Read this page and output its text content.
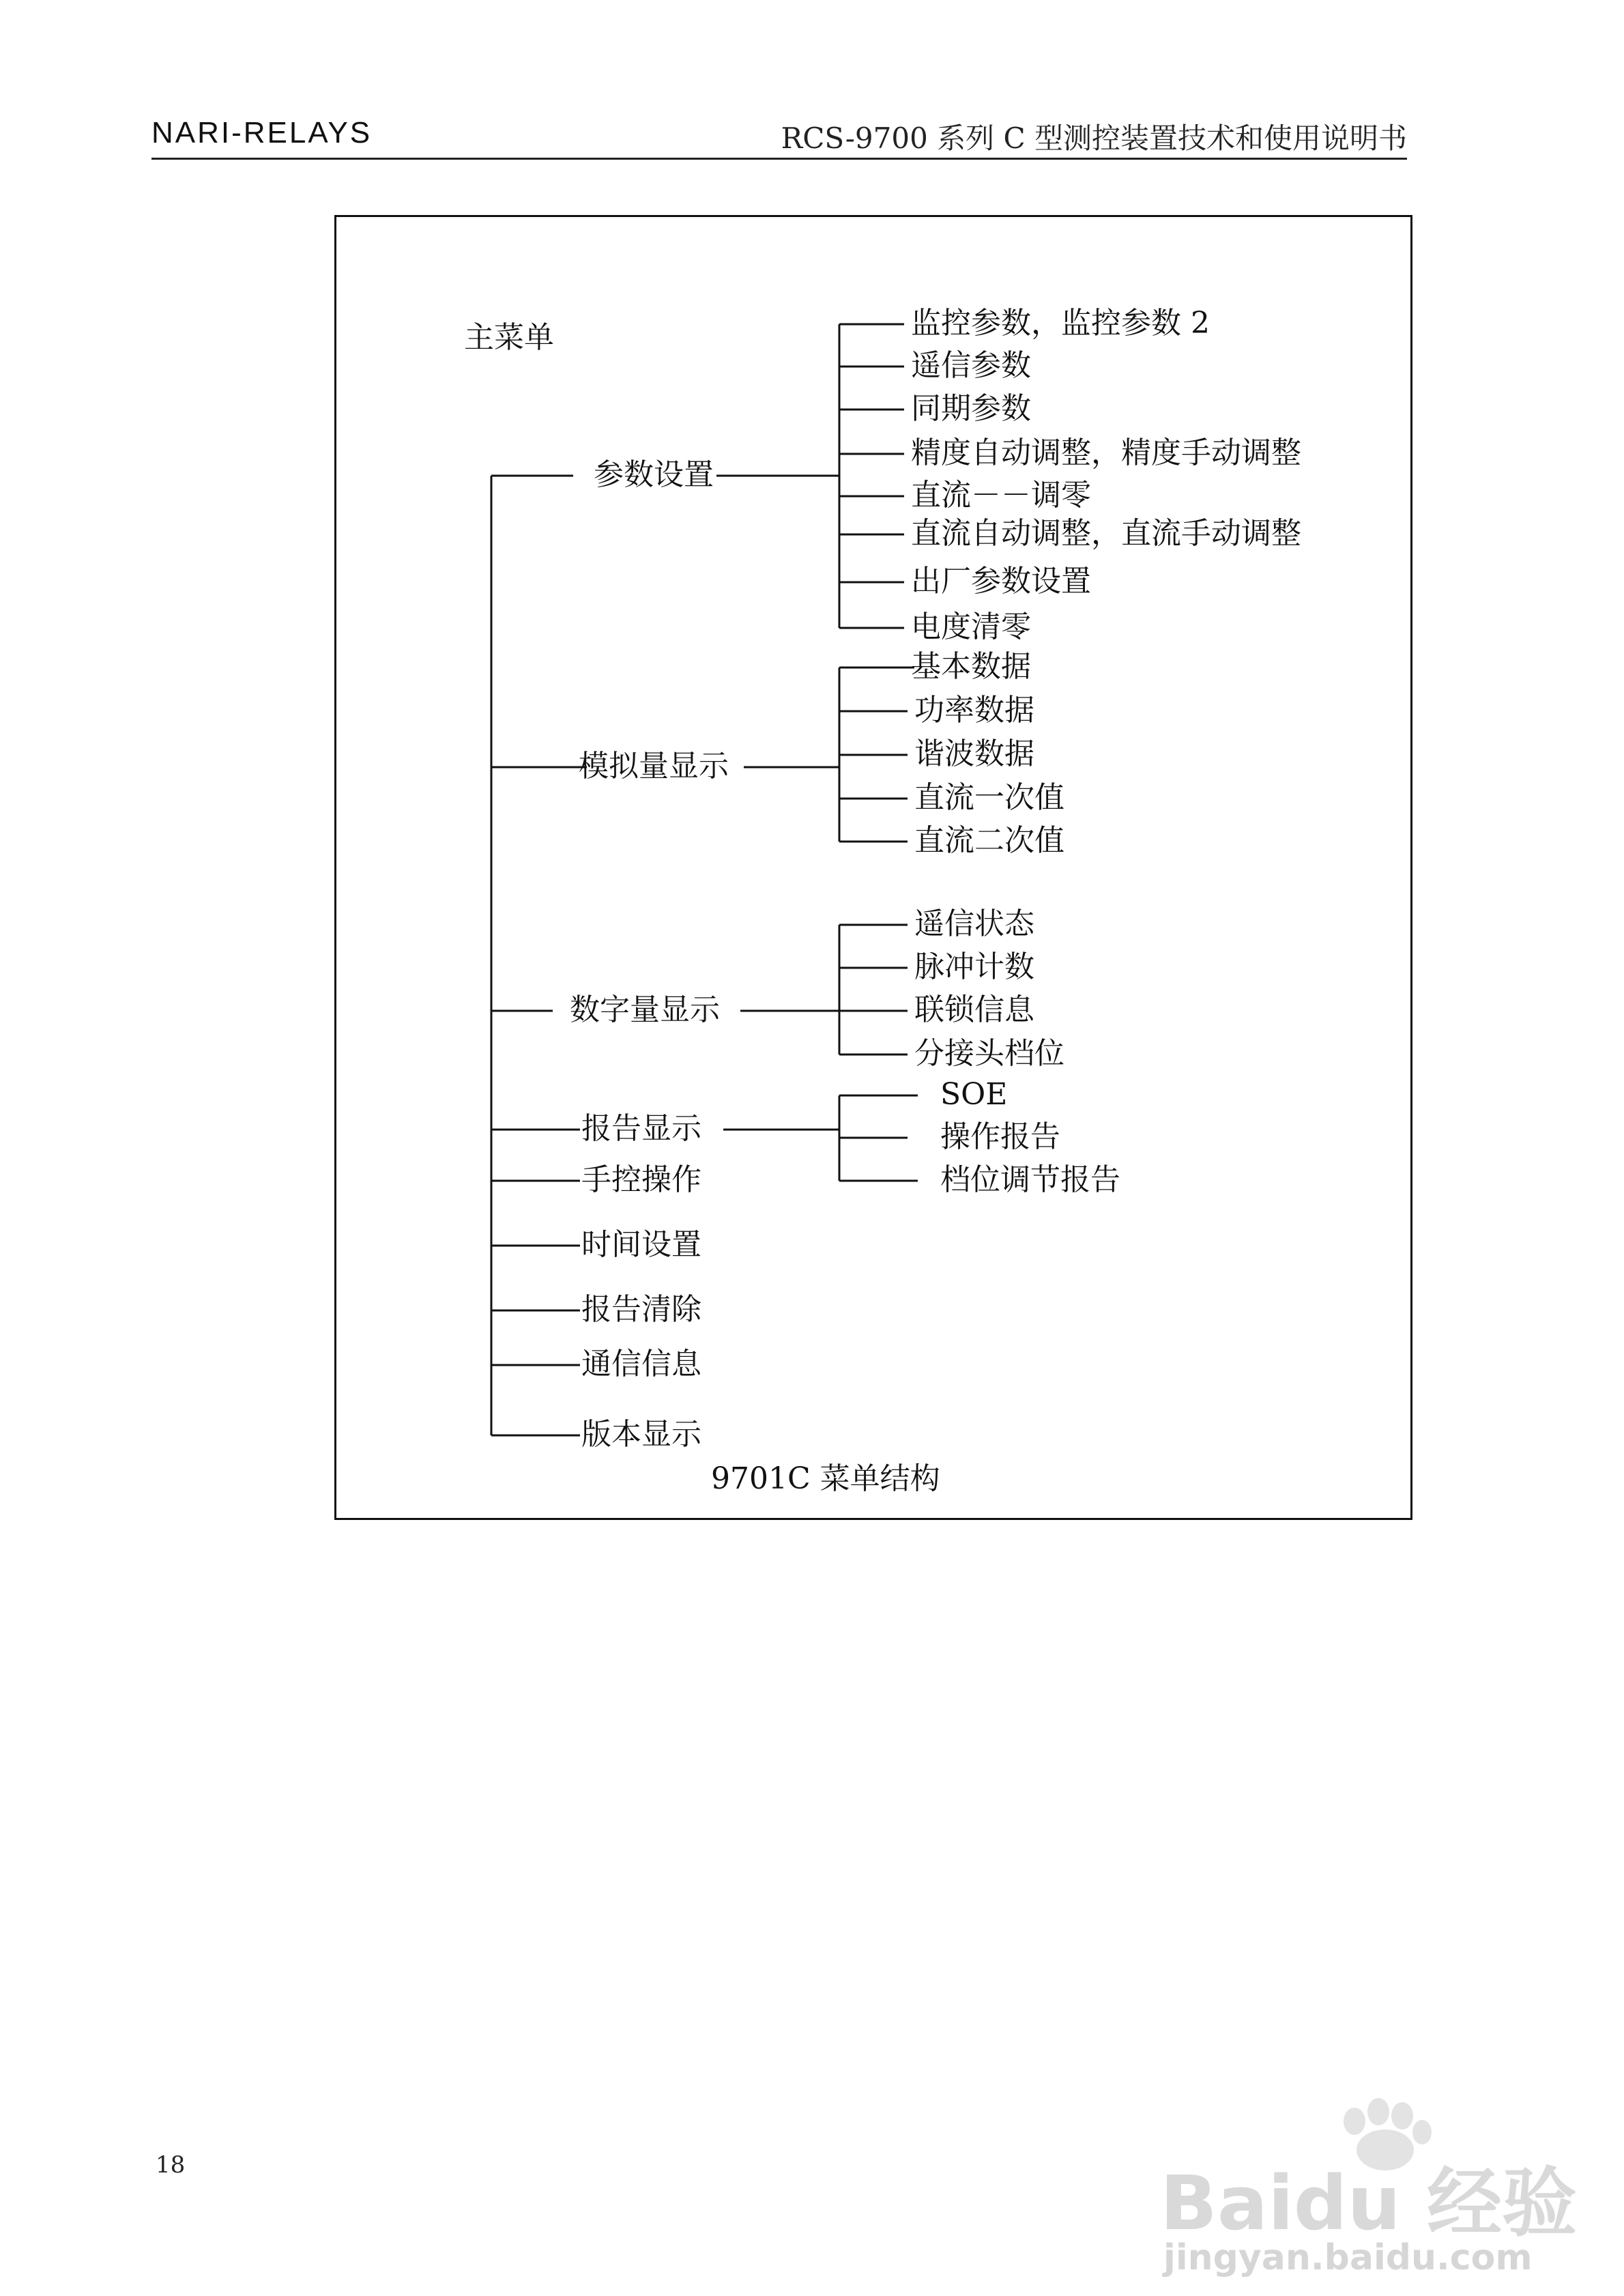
NARI-RELAYS	RCS-9700 系列 C 型测控装置技术和使用说明书
主菜单
参数设置
模拟量显示
数字量显示
报告显示
手控操作
时间设置
报告清除
通信信息
版本显示
监控参数，监控参数 2
遥信参数
同期参数
精度自动调整，精度手动调整
直流－－调零
直流自动调整，直流手动调整
出厂参数设置
电度清零
基本数据
功率数据
谐波数据
直流一次值
直流二次值
遥信状态
脉冲计数
联锁信息
分接头档位
SOE
操作报告
档位调节报告
9701C 菜单结构
18	Baidu 经验
jingyan.baidu.com
